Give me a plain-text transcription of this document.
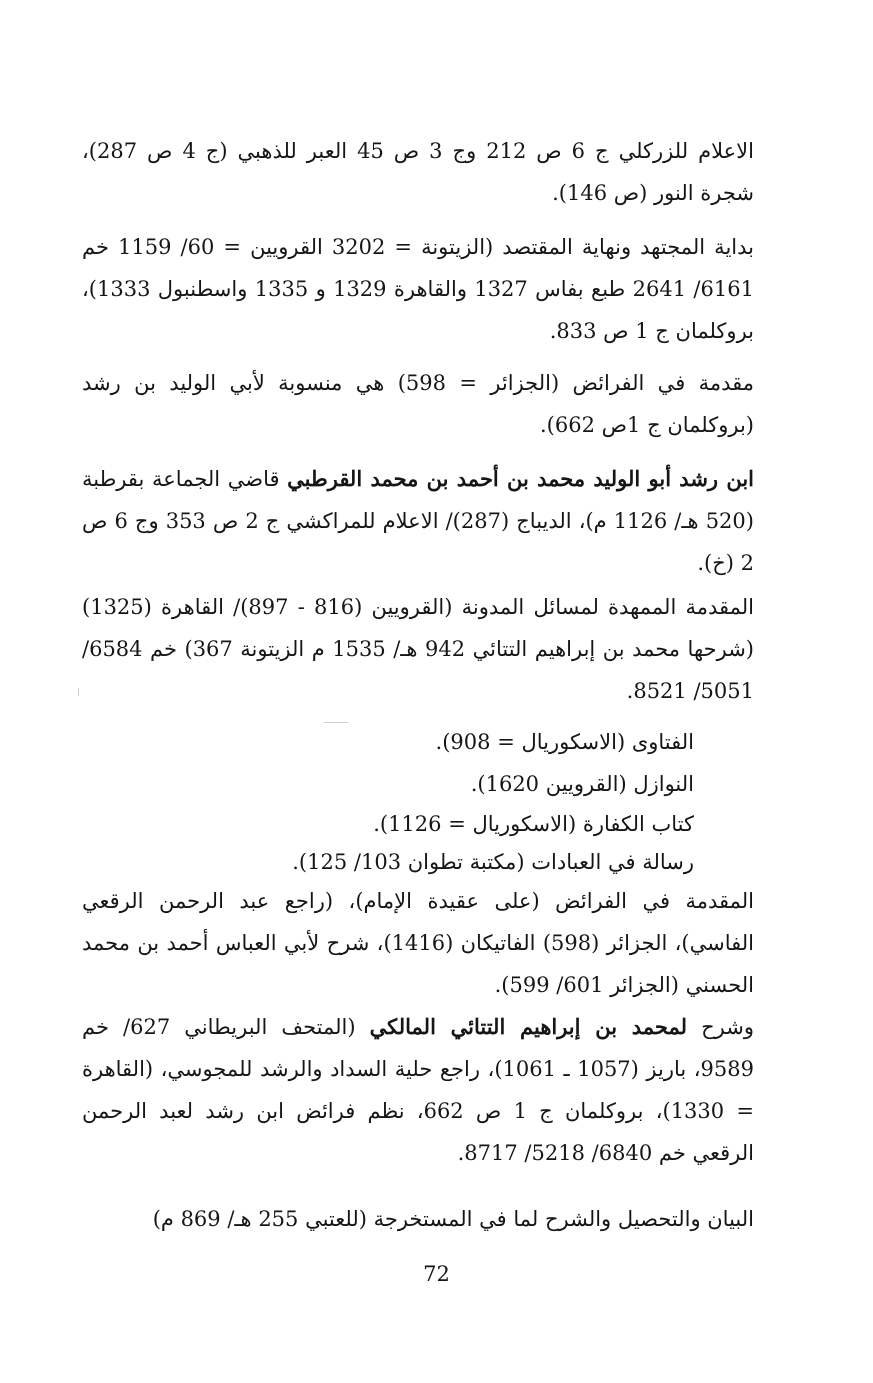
الاعلام للزركلي ج 6 ص 212 وج 3 ص 45 العبر للذهبي (ج 4 ص 287)، شجرة النور (ص 146).

بداية المجتهد ونهاية المقتصد (الزيتونة = 3202 القرويين = 60/ 1159 خم 6161/ 2641 طبع بفاس 1327 والقاهرة 1329 و 1335 واسطنبول 1333)، بروكلمان ج 1 ص 833.

مقدمة في الفرائض (الجزائر = 598) هي منسوبة لأبي الوليد بن رشد (بروكلمان ج 1ص 662).

ابن رشد أبو الوليد محمد بن أحمد بن محمد القرطبي قاضي الجماعة بقرطبة (520 هـ/ 1126 م)، الديباج (287)/ الاعلام للمراكشي ج 2 ص 353 وج 6 ص 2 (خ).

المقدمة الممهدة لمسائل المدونة (القرويين (816 - 897)/ القاهرة (1325) (شرحها محمد بن إبراهيم التتائي 942 هـ/ 1535 م الزيتونة 367) خم 6584/ 5051/ 8521.

الفتاوى (الاسكوريال = 908).
النوازل (القرويين 1620).
كتاب الكفارة (الاسكوريال = 1126).
رسالة في العبادات (مكتبة تطوان 103/ 125).

المقدمة في الفرائض (على عقيدة الإمام)، (راجع عبد الرحمن الرقعي الفاسي)، الجزائر (598) الفاتيكان (1416)، شرح لأبي العباس أحمد بن محمد الحسني (الجزائر 601/ 599).

وشرح لمحمد بن إبراهيم التتائي المالكي (المتحف البريطاني 627/ خم 9589، باريز (1057 ـ 1061)، راجع حلية السداد والرشد للمجوسي، (القاهرة = 1330)، بروكلمان ج 1 ص 662، نظم فرائض ابن رشد لعبد الرحمن الرقعي خم 6840/ 5218/ 8717.

البيان والتحصيل والشرح لما في المستخرجة (للعتبي 255 هـ/ 869 م)

72
